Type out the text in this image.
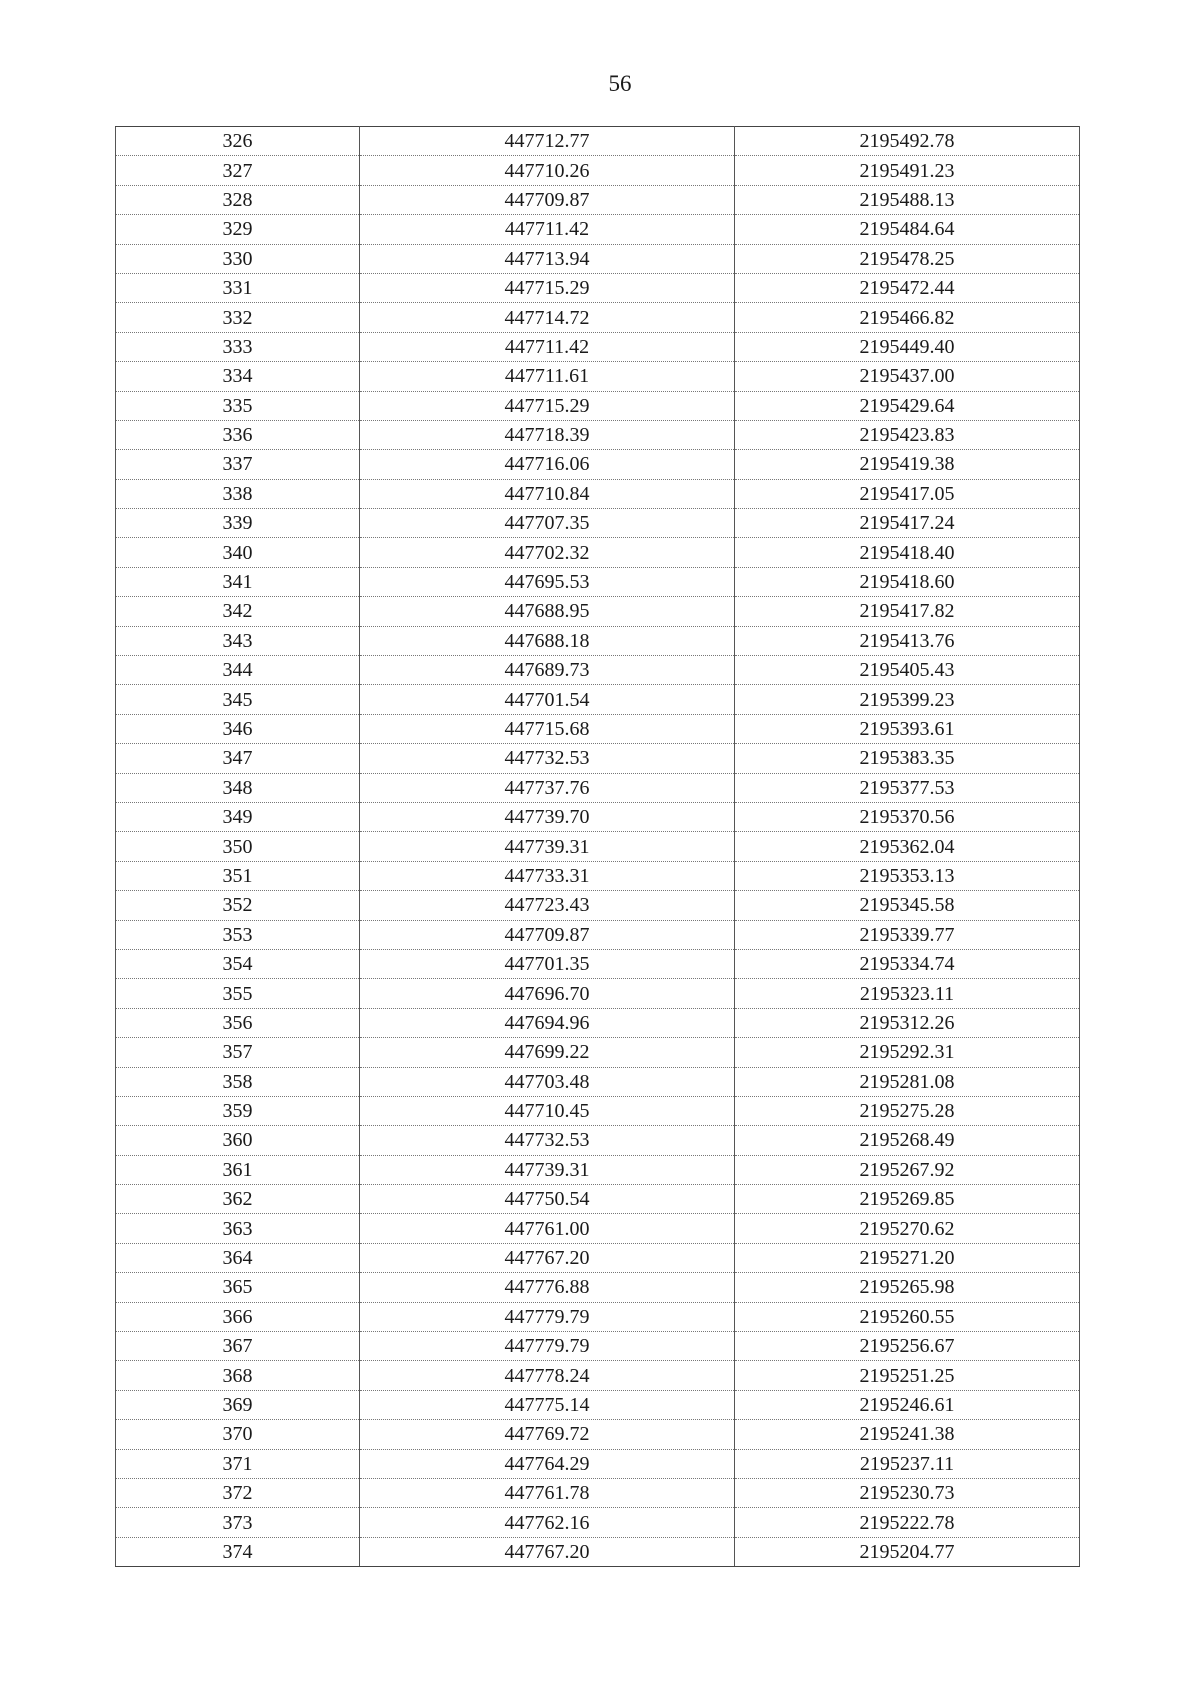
56
326	447712.77	2195492.78
327	447710.26	2195491.23
328	447709.87	2195488.13
329	447711.42	2195484.64
330	447713.94	2195478.25
331	447715.29	2195472.44
332	447714.72	2195466.82
333	447711.42	2195449.40
334	447711.61	2195437.00
335	447715.29	2195429.64
336	447718.39	2195423.83
337	447716.06	2195419.38
338	447710.84	2195417.05
339	447707.35	2195417.24
340	447702.32	2195418.40
341	447695.53	2195418.60
342	447688.95	2195417.82
343	447688.18	2195413.76
344	447689.73	2195405.43
345	447701.54	2195399.23
346	447715.68	2195393.61
347	447732.53	2195383.35
348	447737.76	2195377.53
349	447739.70	2195370.56
350	447739.31	2195362.04
351	447733.31	2195353.13
352	447723.43	2195345.58
353	447709.87	2195339.77
354	447701.35	2195334.74
355	447696.70	2195323.11
356	447694.96	2195312.26
357	447699.22	2195292.31
358	447703.48	2195281.08
359	447710.45	2195275.28
360	447732.53	2195268.49
361	447739.31	2195267.92
362	447750.54	2195269.85
363	447761.00	2195270.62
364	447767.20	2195271.20
365	447776.88	2195265.98
366	447779.79	2195260.55
367	447779.79	2195256.67
368	447778.24	2195251.25
369	447775.14	2195246.61
370	447769.72	2195241.38
371	447764.29	2195237.11
372	447761.78	2195230.73
373	447762.16	2195222.78
374	447767.20	2195204.77
